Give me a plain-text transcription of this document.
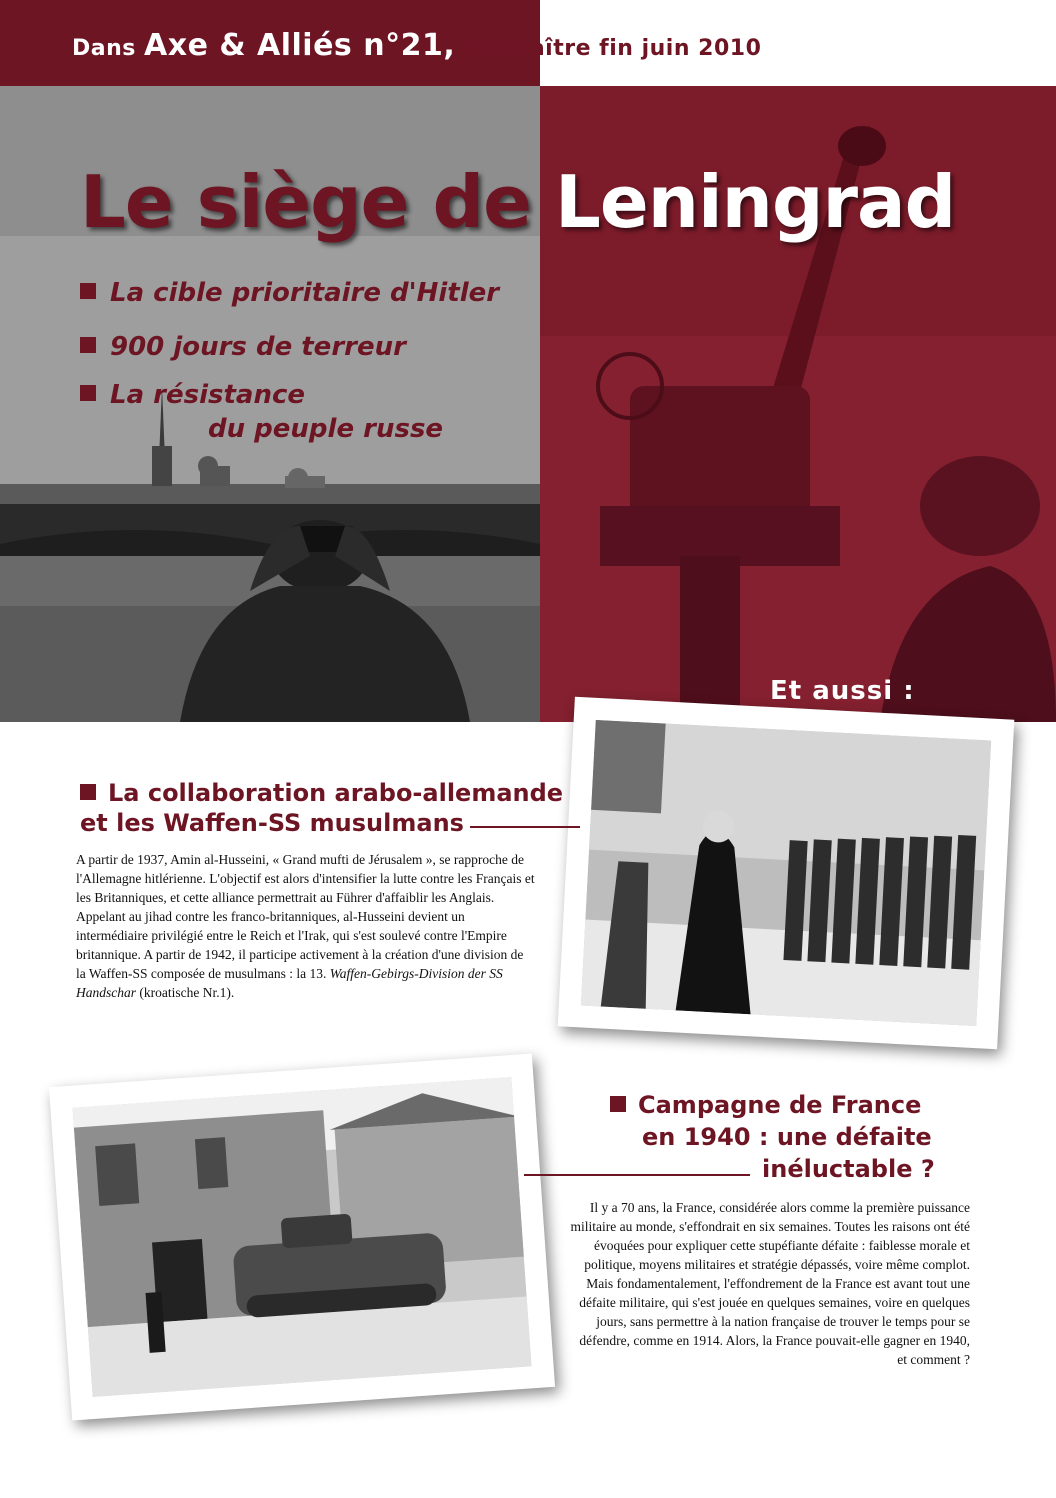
Dans Axe & Alliés n°21, à paraître fin juin 2010
Le siège de Leningrad
La cible prioritaire d'Hitler
900 jours de terreur
La résistance
du peuple russe
Et aussi :
La collaboration arabo-allemande
et les Waffen-SS musulmans
A partir de 1937, Amin al-Husseini, « Grand mufti de Jérusalem », se rapproche de l'Allemagne hitlérienne. L'objectif est alors d'intensifier la lutte contre les Français et les Britanniques, et cette alliance permettrait au Führer d'affaiblir les Anglais. Appelant au jihad contre les franco-britanniques, al-Husseini devient un intermédiaire privilégié entre le Reich et l'Irak, qui s'est soulevé contre l'Empire britannique. A partir de 1942, il participe activement à la création d'une division de la Waffen-SS composée de musulmans : la 13. Waffen-Gebirgs-Division der SS Handschar (kroatische Nr.1).
Campagne de France
en 1940 : une défaite
inéluctable ?
Il y a 70 ans, la France, considérée alors comme la première puissance militaire au monde, s'effondrait en six semaines. Toutes les raisons ont été évoquées pour expliquer cette stupéfiante défaite : faiblesse morale et politique, moyens militaires et stratégie dépassés, voire même complot. Mais fondamentalement, l'effondrement de la France est avant tout une défaite militaire, qui s'est jouée en quelques semaines, voire en quelques jours, sans permettre à la nation française de trouver le temps pour se défendre, comme en 1914. Alors, la France pouvait-elle gagner en 1940, et comment ?
